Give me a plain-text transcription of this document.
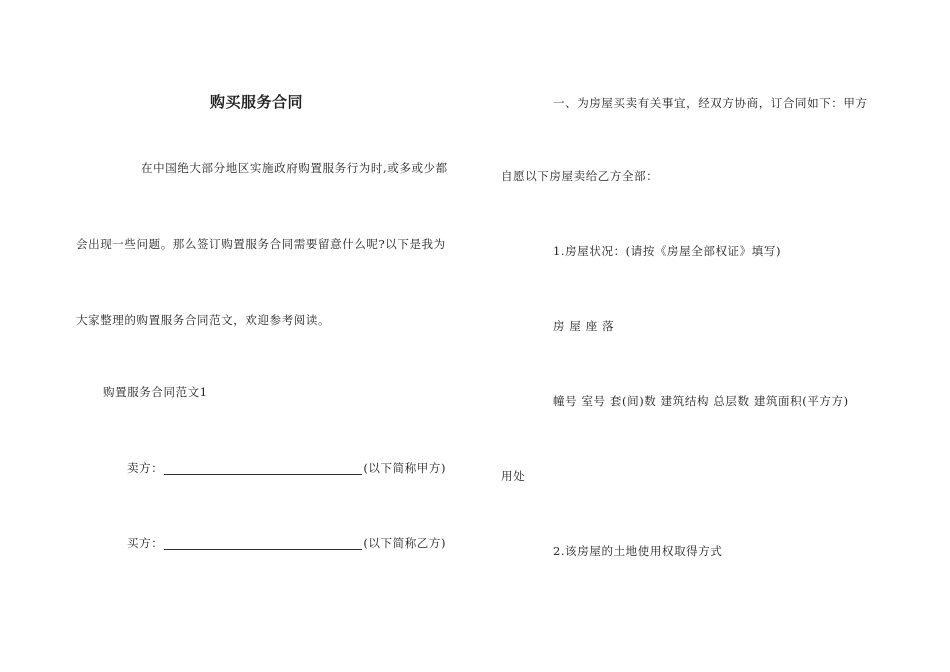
购买服务合同
在中国绝大部分地区实施政府购置服务行为时,或多或少都
会出现一些问题。那么签订购置服务合同需要留意什么呢?以下是我为
大家整理的购置服务合同范文，欢迎参考阅读。
购置服务合同范文1
卖方：	(以下简称甲方)
买方：	(以下简称乙方)
一、为房屋买卖有关事宜，经双方协商，订合同如下：甲方
自愿以下房屋卖给乙方全部：
1.房屋状况：(请按《房屋全部权证》填写)
房 屋 座 落
幢号 室号 套(间)数 建筑结构 总层数 建筑面积(平方方)
用处
2.该房屋的土地使用权取得方式
